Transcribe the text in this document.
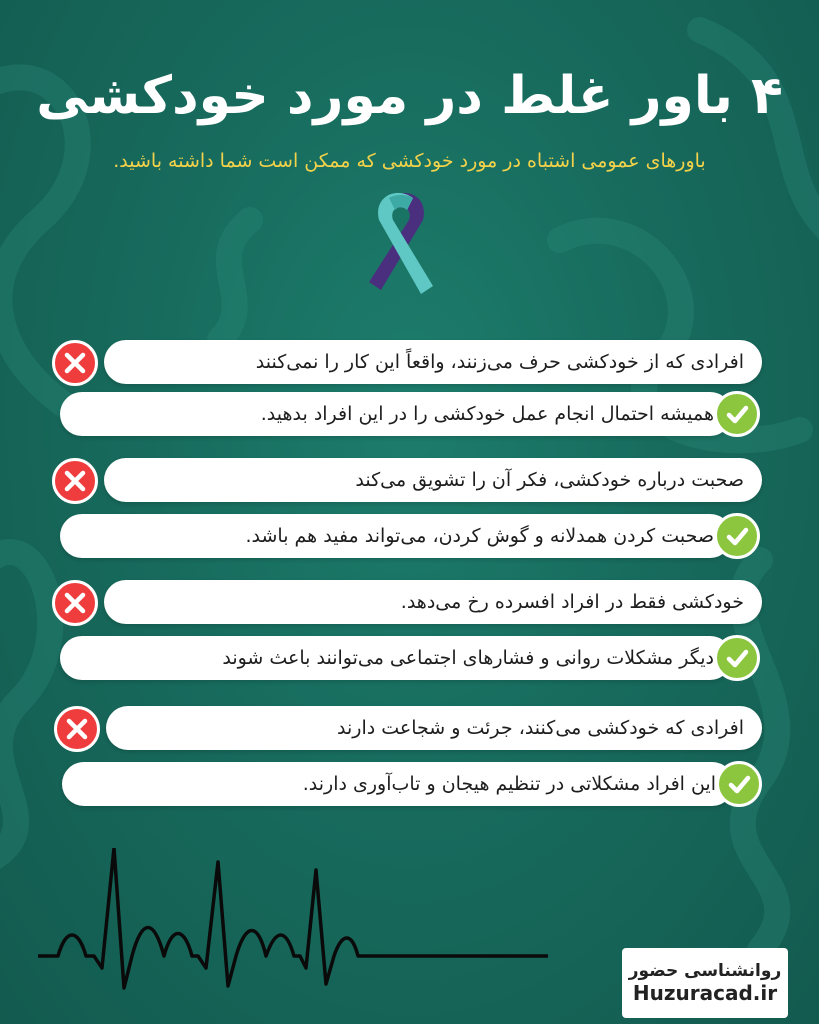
۴ باور غلط در مورد خودکشی
باورهای عمومی اشتباه در مورد خودکشی که ممکن است شما داشته باشید.
افرادی که از خودکشی حرف می‌زنند، واقعاً این کار را نمی‌کنند
همیشه احتمال انجام عمل خودکشی را در این افراد بدهید.
صحبت درباره خودکشی، فکر آن را تشویق می‌کند
صحبت کردن همدلانه و گوش کردن، می‌تواند مفید هم باشد.
خودکشی فقط در افراد افسرده رخ می‌دهد.
دیگر مشکلات روانی و فشارهای اجتماعی می‌توانند باعث شوند
افرادی که خودکشی می‌کنند، جرئت و شجاعت دارند
این افراد مشکلاتی در تنظیم هیجان و تاب‌آوری دارند.
روانشناسی حضور
Huzuracad.ir
